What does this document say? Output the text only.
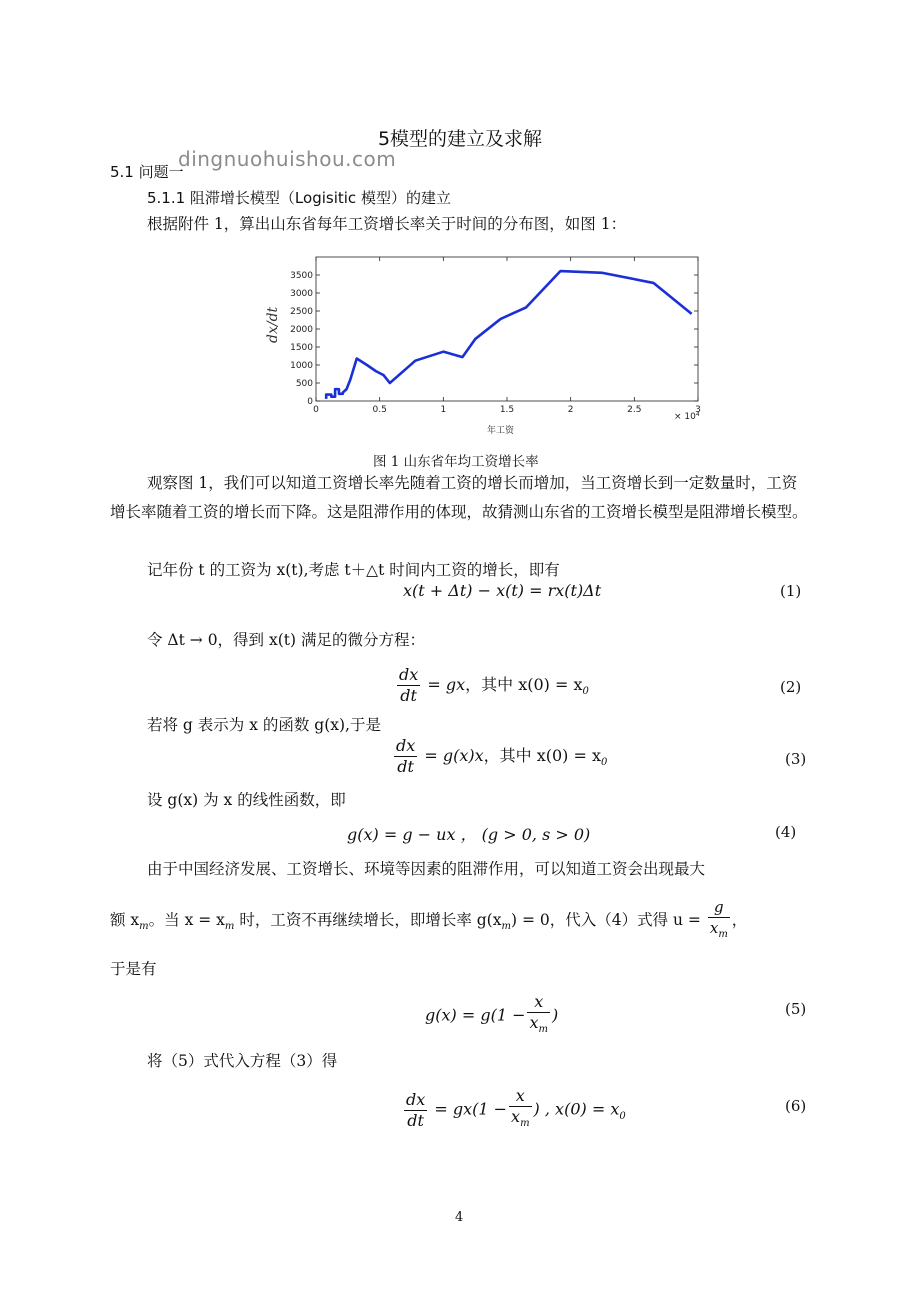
5模型的建立及求解
dingnuohuishou.com
5.1 问题一
5.1.1 阻滞增长模型（Logisitic 模型）的建立
根据附件 1，算出山东省每年工资增长率关于时间的分布图，如图 1：
0
500
1000
1500
2000
2500
3000
3500
0	0.5	1	1.5	2	2.5	3
× 10⁴
年工资
dx/dt
图 1 山东省年均工资增长率
观察图 1，我们可以知道工资增长率先随着工资的增长而增加，当工资增长到一定数量时，工资增长率随着工资的增长而下降。这是阻滞作用的体现，故猜测山东省的工资增长模型是阻滞增长模型。
记年份 t 的工资为 x(t),考虑 t＋△t 时间内工资的增长，即有
x(t + Δt) − x(t) = rx(t)Δt	(1)
令 Δt → 0，得到 x(t) 满足的微分方程：
$\frac{dx}{dt}$ = gx，其中 $x(0) = x_0$	(2)
若将 g 表示为 x 的函数 g(x),于是
$\frac{dx}{dt} = g(x)x$，其中 $x(0) = x_0$	(3)
设 g(x) 为 x 的线性函数，即
g(x) = g − ux ， (g > 0, s > 0)	(4)
由于中国经济发展、工资增长、环境等因素的阻滞作用，可以知道工资会出现最大
额 $x_m$。当 $x = x_m$ 时，工资不再继续增长，即增长率 $g(x_m) = 0$，代入（4）式得 $u = \frac{g}{x_m}$ ，
于是有
$g(x) = g(1 - \frac{x}{x_m}$ )	(5)
将（5）式代入方程（3）得
$\frac{dx}{dt} = gx(1 - \frac{x}{x_m}$ ) , $x(0) = x_0$
(6)
4
